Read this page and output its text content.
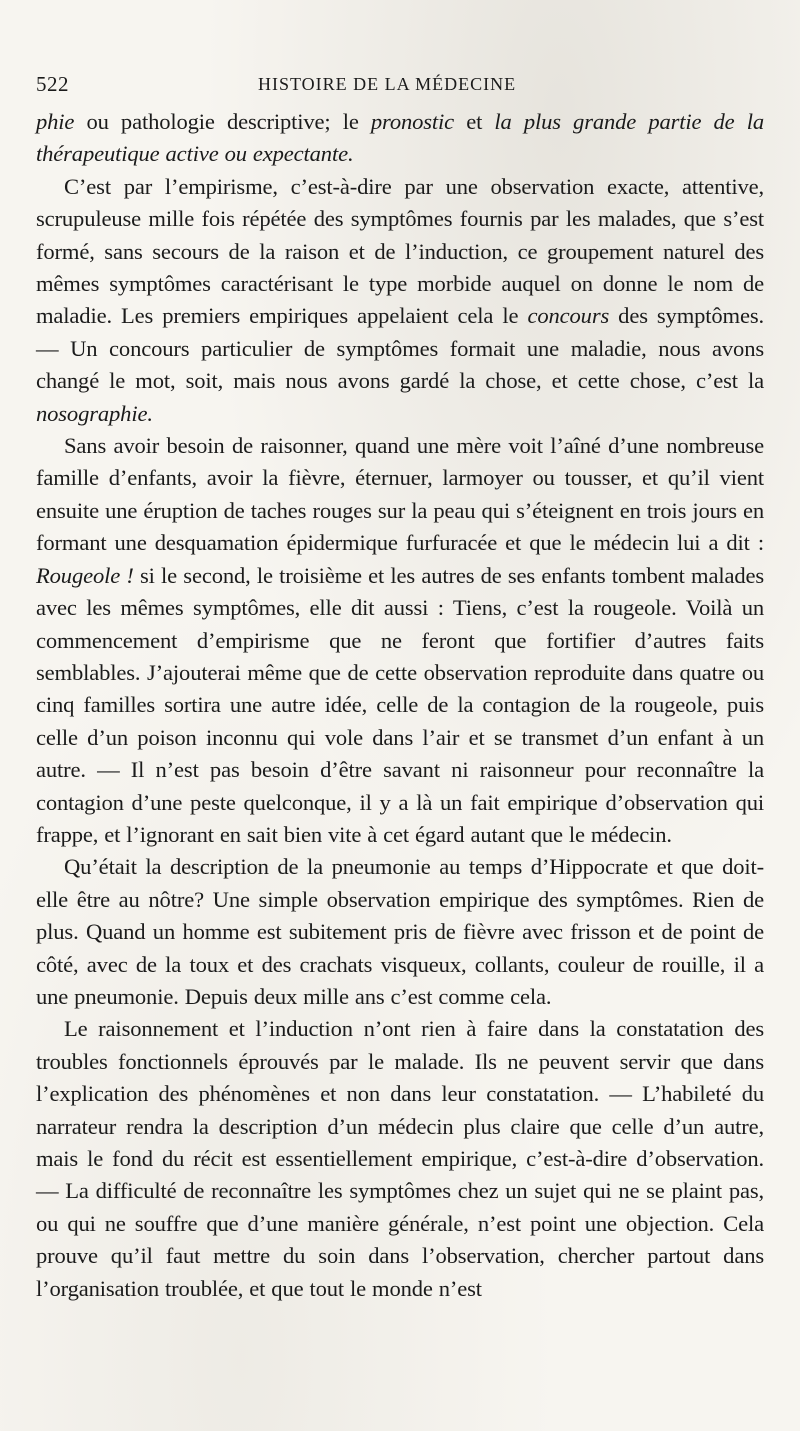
522	HISTOIRE DE LA MÉDECINE

phie ou pathologie descriptive; le pronostic et la plus grande partie de la thérapeutique active ou expectante.

C’est par l’empirisme, c’est-à-dire par une observation exacte, attentive, scrupuleuse mille fois répétée des symptômes fournis par les malades, que s’est formé, sans secours de la raison et de l’induction, ce groupement naturel des mêmes symptômes caractérisant le type morbide auquel on donne le nom de maladie. Les premiers empiriques appelaient cela le concours des symptômes. — Un concours particulier de symptômes formait une maladie, nous avons changé le mot, soit, mais nous avons gardé la chose, et cette chose, c’est la nosographie.

Sans avoir besoin de raisonner, quand une mère voit l’aîné d’une nombreuse famille d’enfants, avoir la fièvre, éternuer, larmoyer ou tousser, et qu’il vient ensuite une éruption de taches rouges sur la peau qui s’éteignent en trois jours en formant une desquamation épidermique furfuracée et que le médecin lui a dit : Rougeole ! si le second, le troisième et les autres de ses enfants tombent malades avec les mêmes symptômes, elle dit aussi : Tiens, c’est la rougeole. Voilà un commencement d’empirisme que ne feront que fortifier d’autres faits semblables. J’ajouterai même que de cette observation reproduite dans quatre ou cinq familles sortira une autre idée, celle de la contagion de la rougeole, puis celle d’un poison inconnu qui vole dans l’air et se transmet d’un enfant à un autre. — Il n’est pas besoin d’être savant ni raisonneur pour reconnaître la contagion d’une peste quelconque, il y a là un fait empirique d’observation qui frappe, et l’ignorant en sait bien vite à cet égard autant que le médecin.

Qu’était la description de la pneumonie au temps d’Hippocrate et que doit-elle être au nôtre? Une simple observation empirique des symptômes. Rien de plus. Quand un homme est subitement pris de fièvre avec frisson et de point de côté, avec de la toux et des crachats visqueux, collants, couleur de rouille, il a une pneumonie. Depuis deux mille ans c’est comme cela.

Le raisonnement et l’induction n’ont rien à faire dans la constatation des troubles fonctionnels éprouvés par le malade. Ils ne peuvent servir que dans l’explication des phénomènes et non dans leur constatation. — L’habileté du narrateur rendra la description d’un médecin plus claire que celle d’un autre, mais le fond du récit est essentiellement empirique, c’est-à-dire d’observation. — La difficulté de reconnaître les symptômes chez un sujet qui ne se plaint pas, ou qui ne souffre que d’une manière générale, n’est point une objection. Cela prouve qu’il faut mettre du soin dans l’observation, chercher partout dans l’organisation troublée, et que tout le monde n’est
